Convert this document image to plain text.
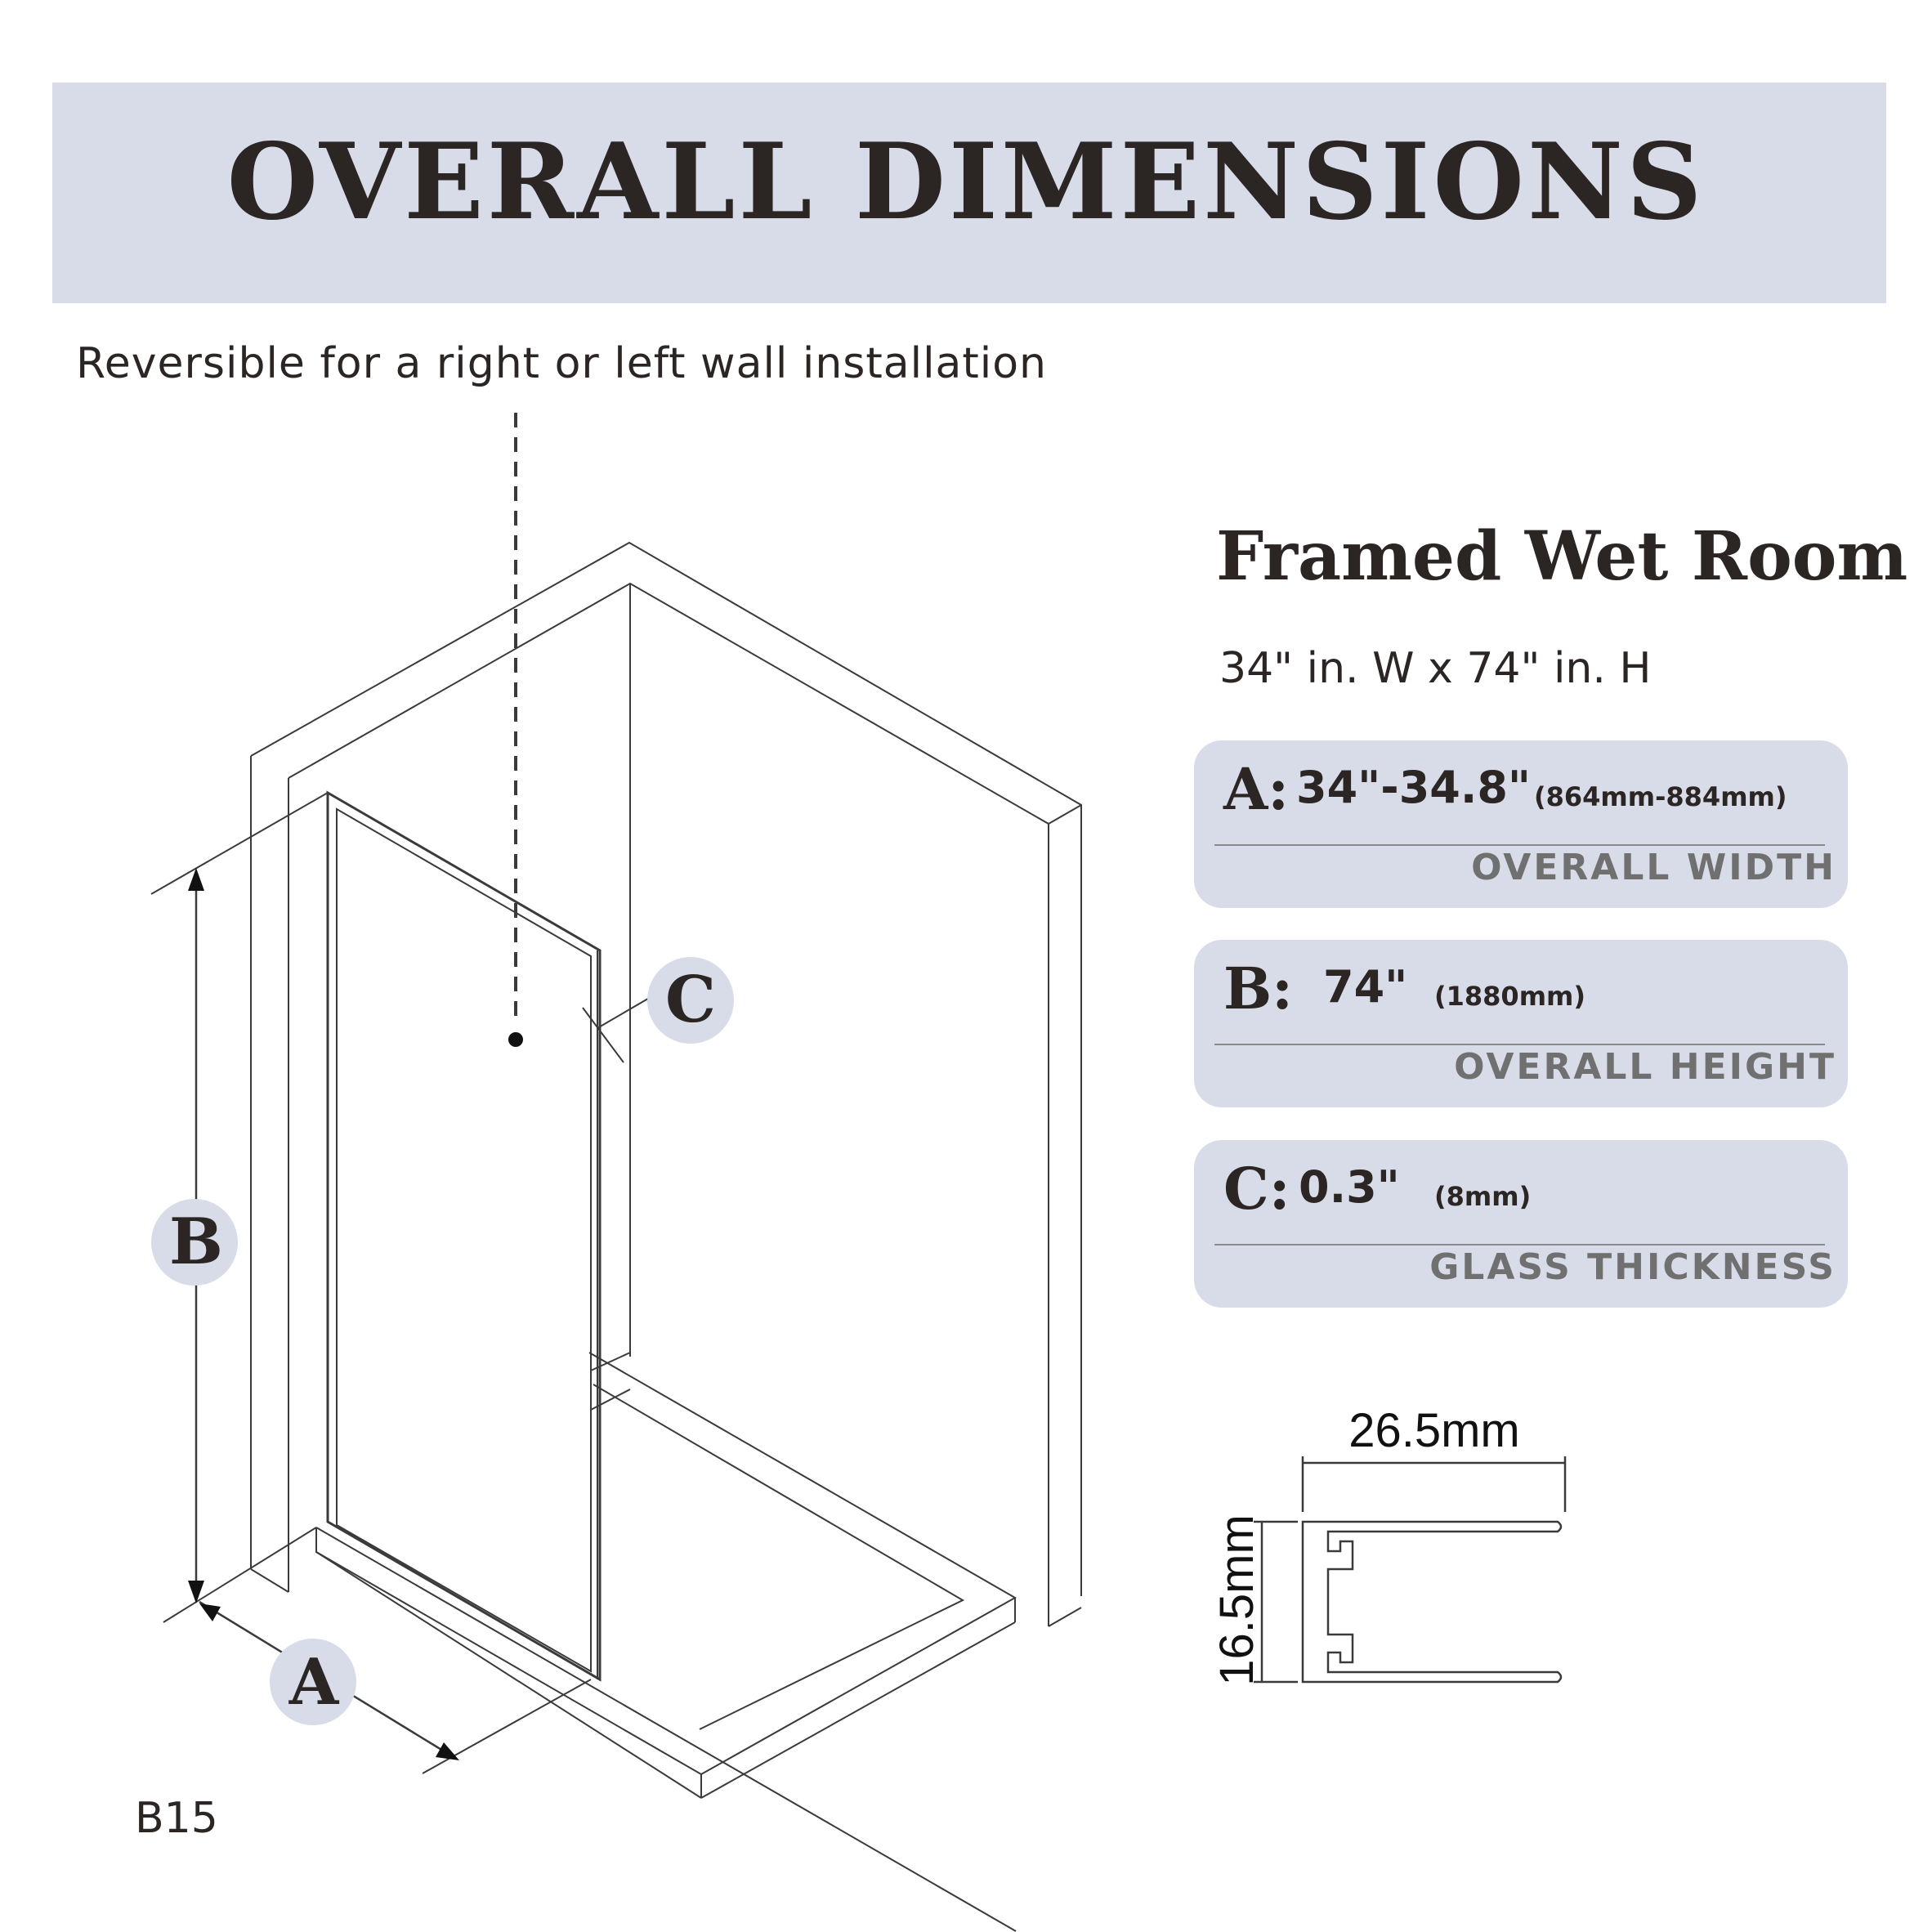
OVERALL DIMENSIONS
Reversible for a right or left wall installation
C
B
A
26.5mm
16.5mm
Framed Wet Room
34" in. W x 74" in. H
A: 34"-34.8" (864mm-884mm)
OVERALL WIDTH
B: 74" (1880mm)
OVERALL HEIGHT
C: 0.3" (8mm)
GLASS THICKNESS
B15
